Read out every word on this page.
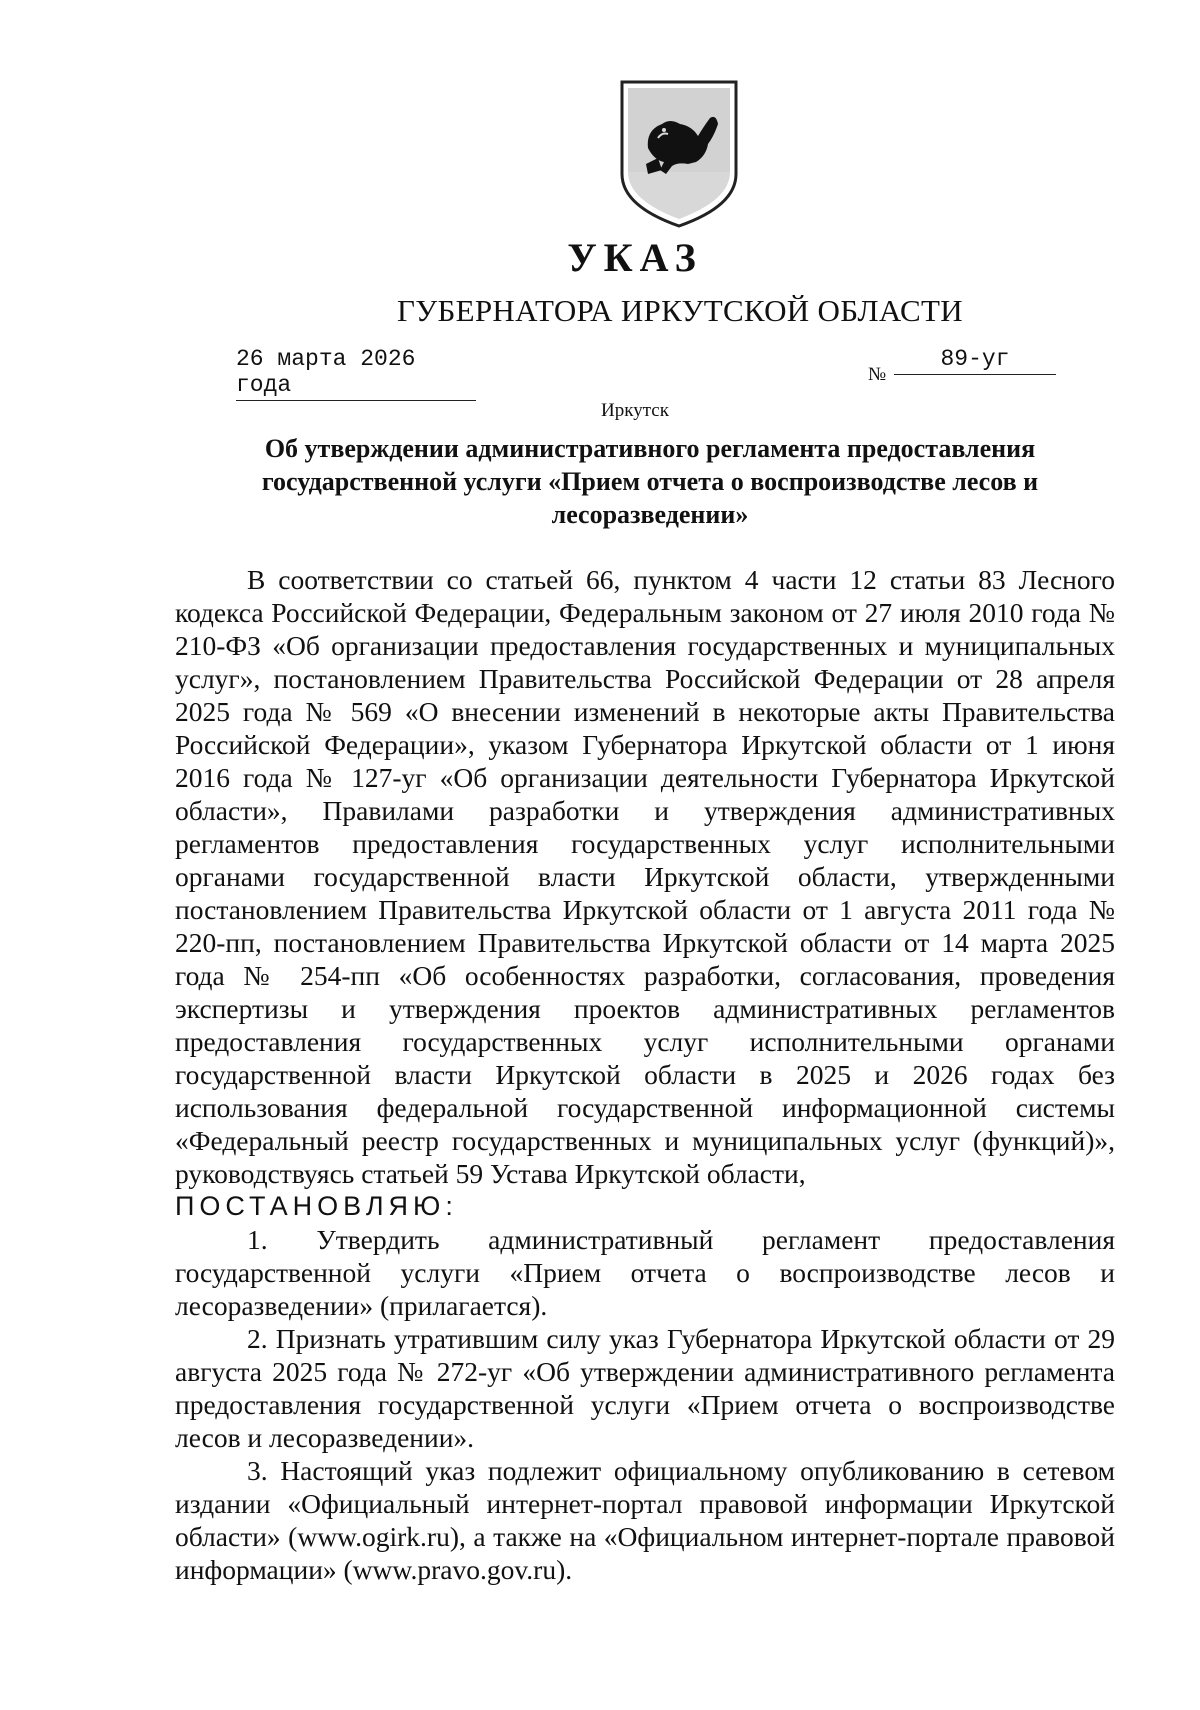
УКАЗ
ГУБЕРНАТОРА ИРКУТСКОЙ ОБЛАСТИ
26 марта 2026 года	№
89-уг
Иркутск
Об утверждении административного регламента предоставления государственной услуги «Прием отчета о воспроизводстве лесов и лесоразведении»

В соответствии со статьей 66, пунктом 4 части 12 статьи 83 Лесного кодекса Российской Федерации, Федеральным законом от 27 июля 2010 года № 210-ФЗ «Об организации предоставления государственных и муниципальных услуг», постановлением Правительства Российской Федерации от 28 апреля 2025 года № 569 «О внесении изменений в некоторые акты Правительства Российской Федерации», указом Губернатора Иркутской области от 1 июня 2016 года № 127-уг «Об организации деятельности Губернатора Иркутской области», Правилами разработки и утверждения административных регламентов предоставления государственных услуг исполнительными органами государственной власти Иркутской области, утвержденными постановлением Правительства Иркутской области от 1 августа 2011 года № 220-пп, постановлением Правительства Иркутской области от 14 марта 2025 года № 254-пп «Об особенностях разработки, согласования, проведения экспертизы и утверждения проектов административных регламентов предоставления государственных услуг исполнительными органами государственной власти Иркутской области в 2025 и 2026 годах без использования федеральной государственной информационной системы «Федеральный реестр государственных и муниципальных услуг (функций)», руководствуясь статьей 59 Устава Иркутской области,

ПОСТАНОВЛЯЮ:

1. Утвердить административный регламент предоставления государственной услуги «Прием отчета о воспроизводстве лесов и лесоразведении» (прилагается).

2. Признать утратившим силу указ Губернатора Иркутской области от 29 августа 2025 года № 272-уг «Об утверждении административного регламента предоставления государственной услуги «Прием отчета о воспроизводстве лесов и лесоразведении».

3. Настоящий указ подлежит официальному опубликованию в сетевом издании «Официальный интернет-портал правовой информации Иркутской области» (www.ogirk.ru), а также на «Официальном интернет-портале правовой информации» (www.pravo.gov.ru).
